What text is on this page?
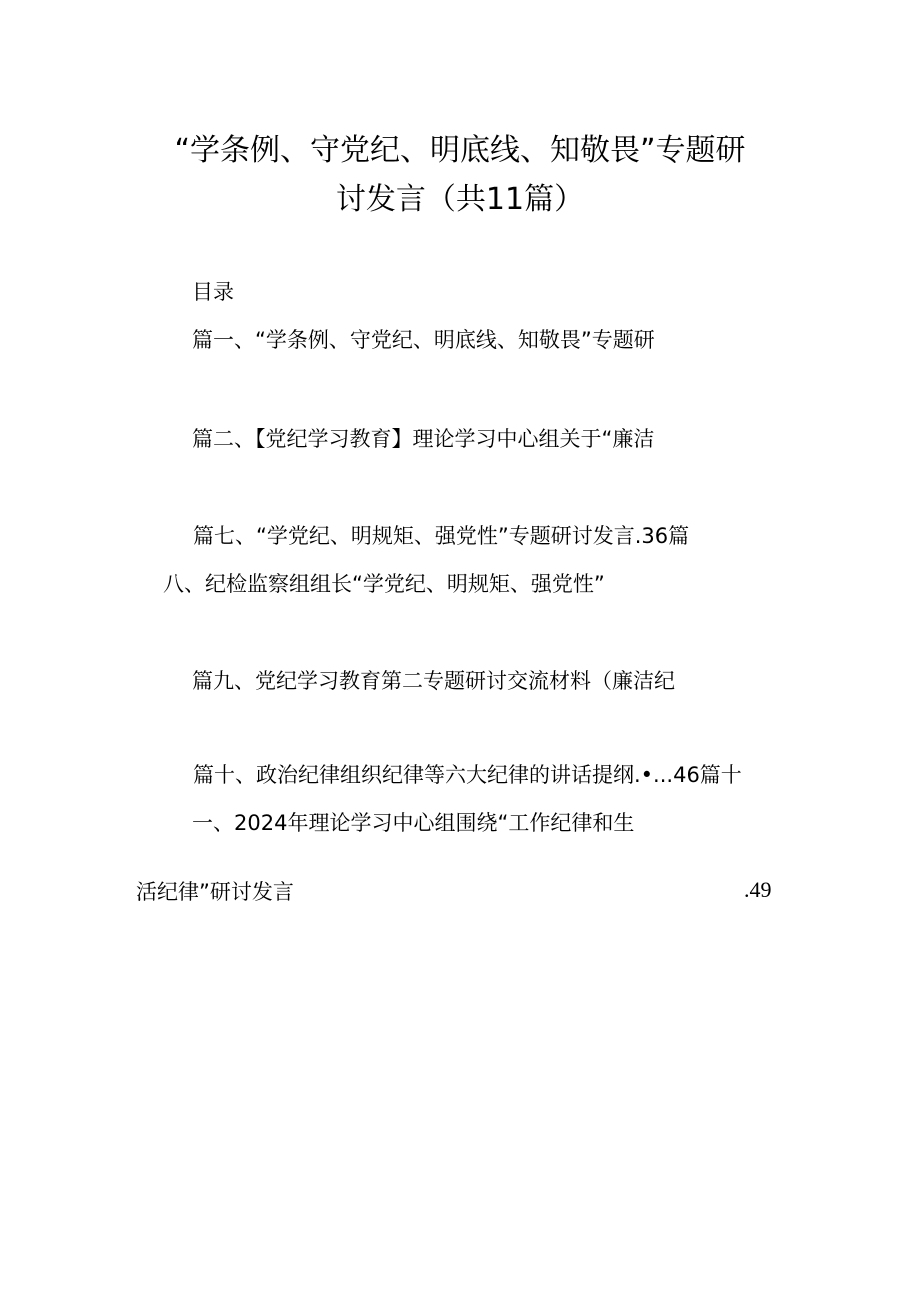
“学条例、守党纪、明底线、知敬畏”专题研
讨发言（共11篇）
目录
篇一、“学条例、守党纪、明底线、知敬畏”专题研
篇二、【党纪学习教育】理论学习中心组关于“廉洁
篇七、“学党纪、明规矩、强党性”专题研讨发言.36篇
八、纪检监察组组长“学党纪、明规矩、强党性”
篇九、党纪学习教育第二专题研讨交流材料（廉洁纪
篇十、政治纪律组织纪律等六大纪律的讲话提纲.•...46篇十
一、2024年理论学习中心组围绕“工作纪律和生
活纪律”研讨发言	.49
